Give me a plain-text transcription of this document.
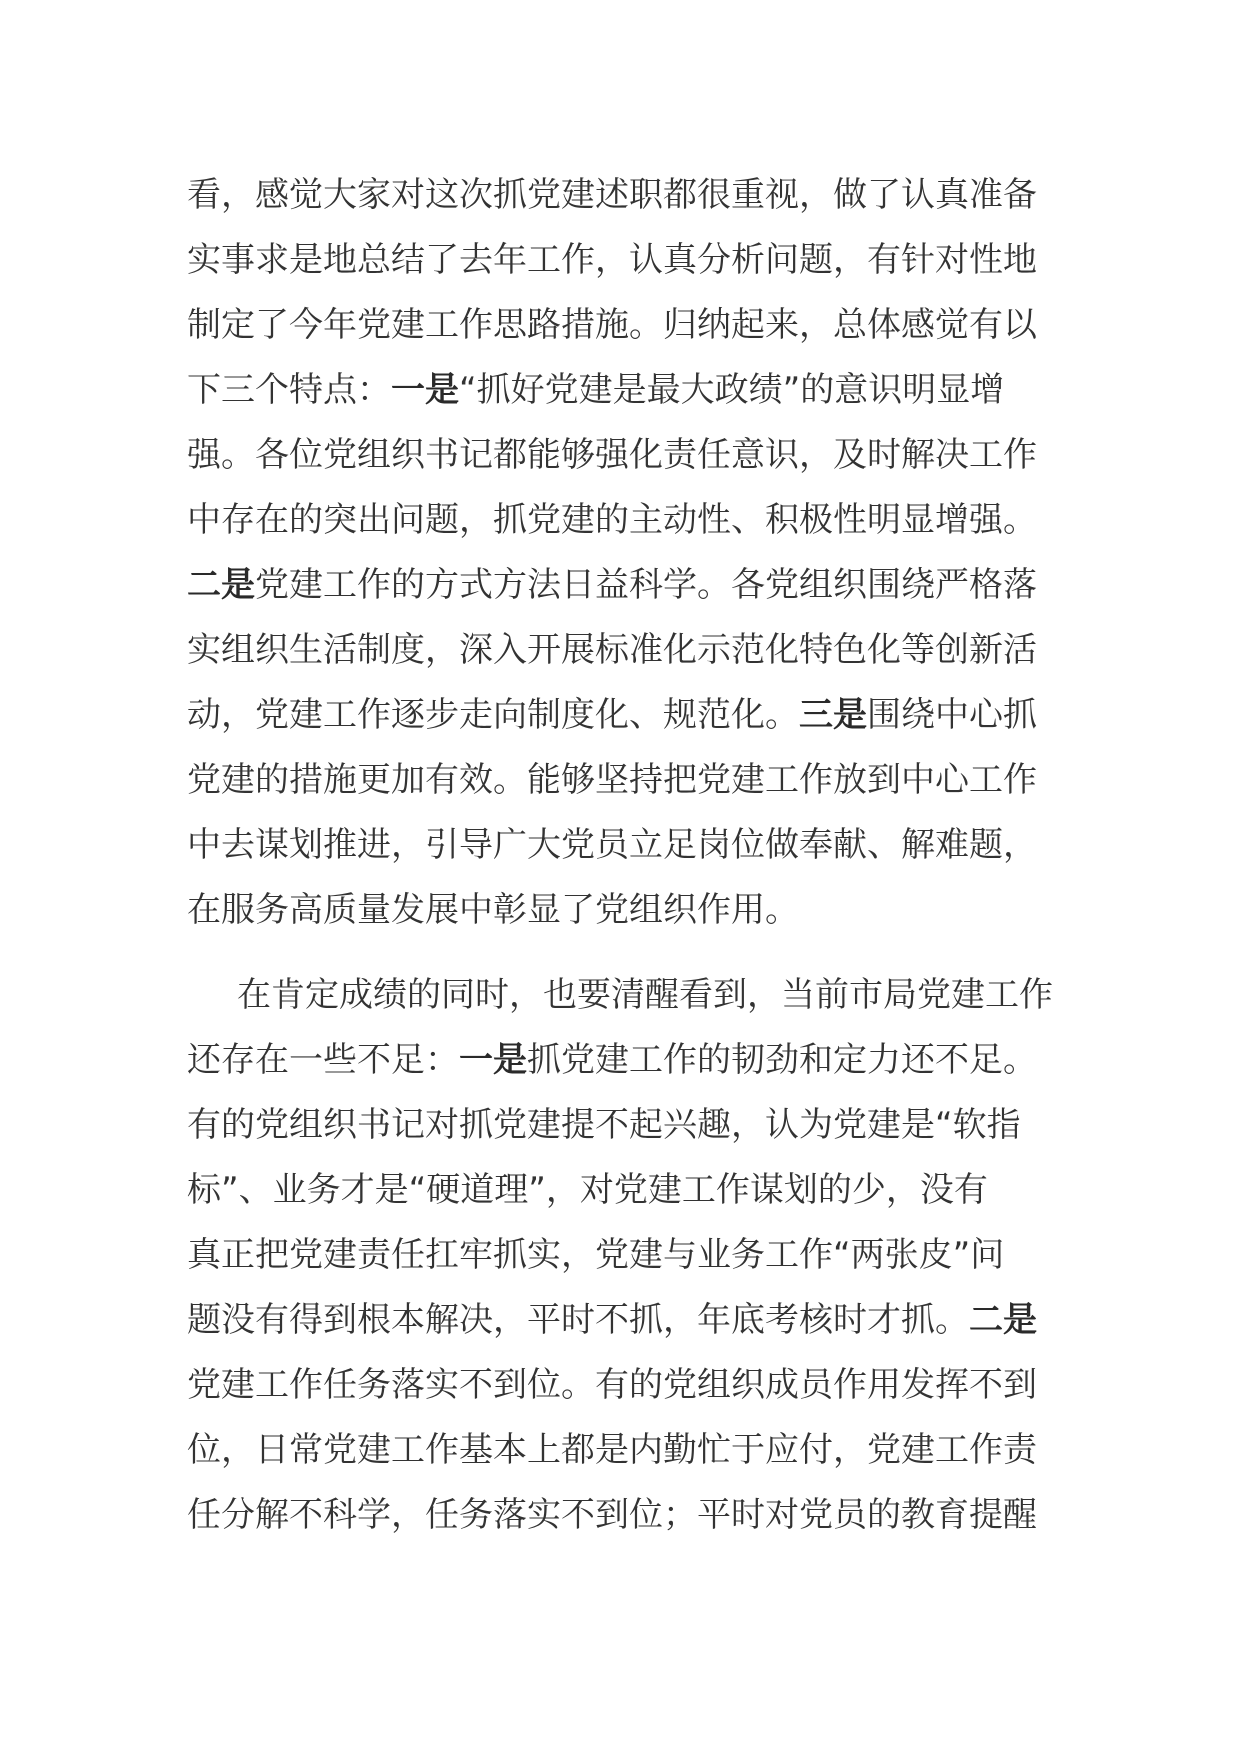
看，感觉大家对这次抓党建述职都很重视，做了认真准备
实事求是地总结了去年工作，认真分析问题，有针对性地
制定了今年党建工作思路措施。归纳起来，总体感觉有以
下三个特点：一是“抓好党建是最大政绩”的意识明显增
强。各位党组织书记都能够强化责任意识，及时解决工作
中存在的突出问题，抓党建的主动性、积极性明显增强。
二是党建工作的方式方法日益科学。各党组织围绕严格落
实组织生活制度，深入开展标准化示范化特色化等创新活
动，党建工作逐步走向制度化、规范化。三是围绕中心抓
党建的措施更加有效。能够坚持把党建工作放到中心工作
中去谋划推进，引导广大党员立足岗位做奉献、解难题，
在服务高质量发展中彰显了党组织作用。
在肯定成绩的同时，也要清醒看到，当前市局党建工作
还存在一些不足：一是抓党建工作的韧劲和定力还不足。
有的党组织书记对抓党建提不起兴趣，认为党建是“软指
标”、业务才是“硬道理”，对党建工作谋划的少，没有
真正把党建责任扛牢抓实，党建与业务工作“两张皮”问
题没有得到根本解决，平时不抓，年底考核时才抓。二是
党建工作任务落实不到位。有的党组织成员作用发挥不到
位，日常党建工作基本上都是内勤忙于应付，党建工作责
任分解不科学，任务落实不到位；平时对党员的教育提醒
